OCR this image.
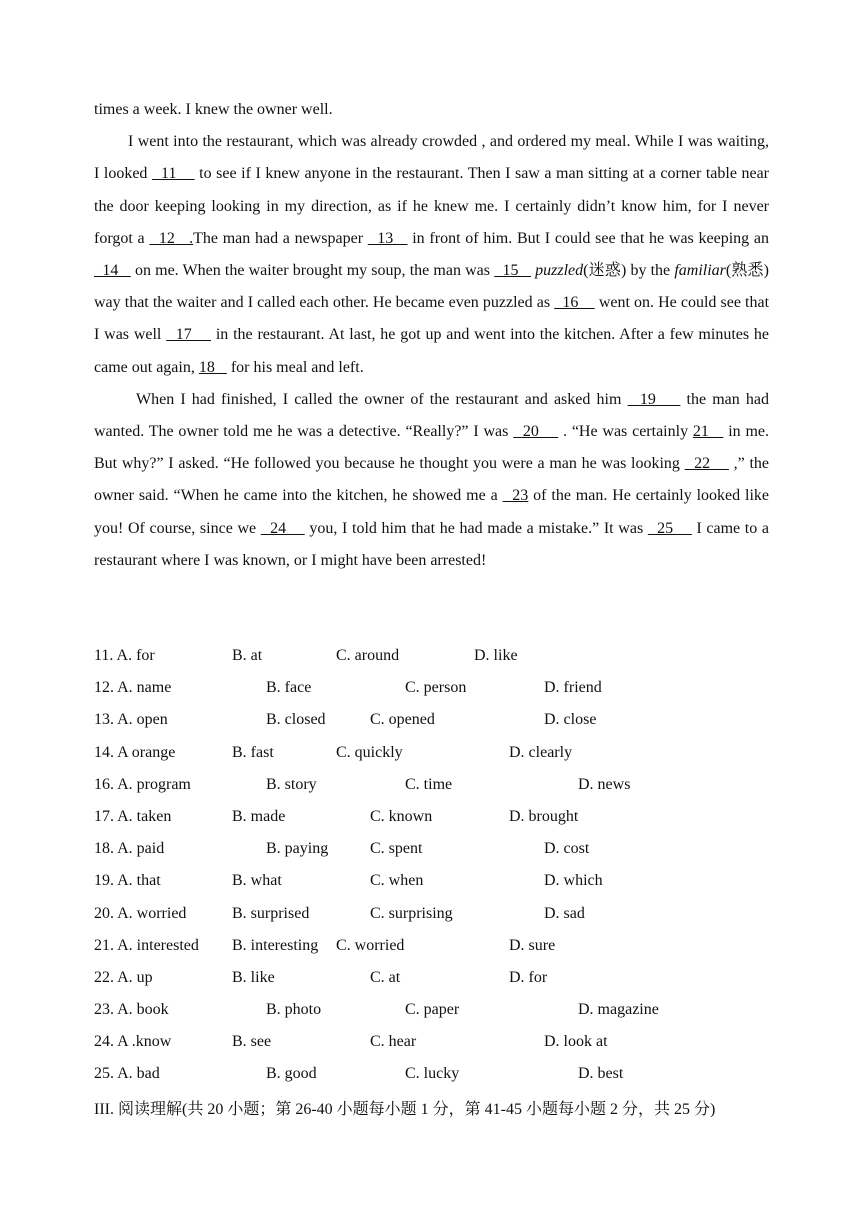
times a week. I knew the owner well.

I went into the restaurant, which was already crowded , and ordered my meal. While I was waiting, I looked   11     to see if I knew anyone in the restaurant. Then I saw a man sitting at a corner table near the door keeping looking in my direction, as if he knew me. I certainly didn’t know him, for I never forgot a   12   .The man had a newspaper   13    in front of him. But I could see that he was keeping an   14    on me. When the waiter brought my soup, the man was   15    puzzled(迷惑) by the familiar(熟悉) way that the waiter and I called each other. He became even puzzled as   16     went on. He could see that I was well   17     in the restaurant. At last, he got up and went into the kitchen. After a few minutes he came out again, 18    for his meal and left.

When I had finished, I called the owner of the restaurant and asked him   19     the man had wanted. The owner told me he was a detective. “Really?” I was   20     . “He was certainly 21    in me. But why?” I asked. “He followed you because he thought you were a man he was looking   22     ,” the owner said. “When he came into the kitchen, he showed me a   23 of the man. He certainly looked like you! Of course, since we   24     you, I told him that he had made a mistake.” It was   25     I came to a restaurant where I was known, or I might have been arrested!

11. A. for	B. at	C. around	D. like
12. A. name	B. face	C. person	D. friend
13. A. open	B. closed	C. opened	D. close
14. A orange	B. fast	C. quickly	D. clearly
16. A. program	B. story	C. time	D. news
17. A. taken	B. made	C. known	D. brought
18. A. paid	B. paying	C. spent	D. cost
19. A. that	B. what	C. when	D. which
20. A. worried	B. surprised	C. surprising	D. sad
21. A. interested B. interesting C. worried	D. sure
22. A. up	B. like	C. at	D. for
23. A. book	B. photo	C. paper	D. magazine
24. A .know	B. see	C. hear	D. look at
25. A. bad	B. good	C. lucky	D. best
III. 阅读理解(共 20 小题；第 26-40 小题每小题 1 分，第 41-45 小题每小题 2 分，共 25 分)
